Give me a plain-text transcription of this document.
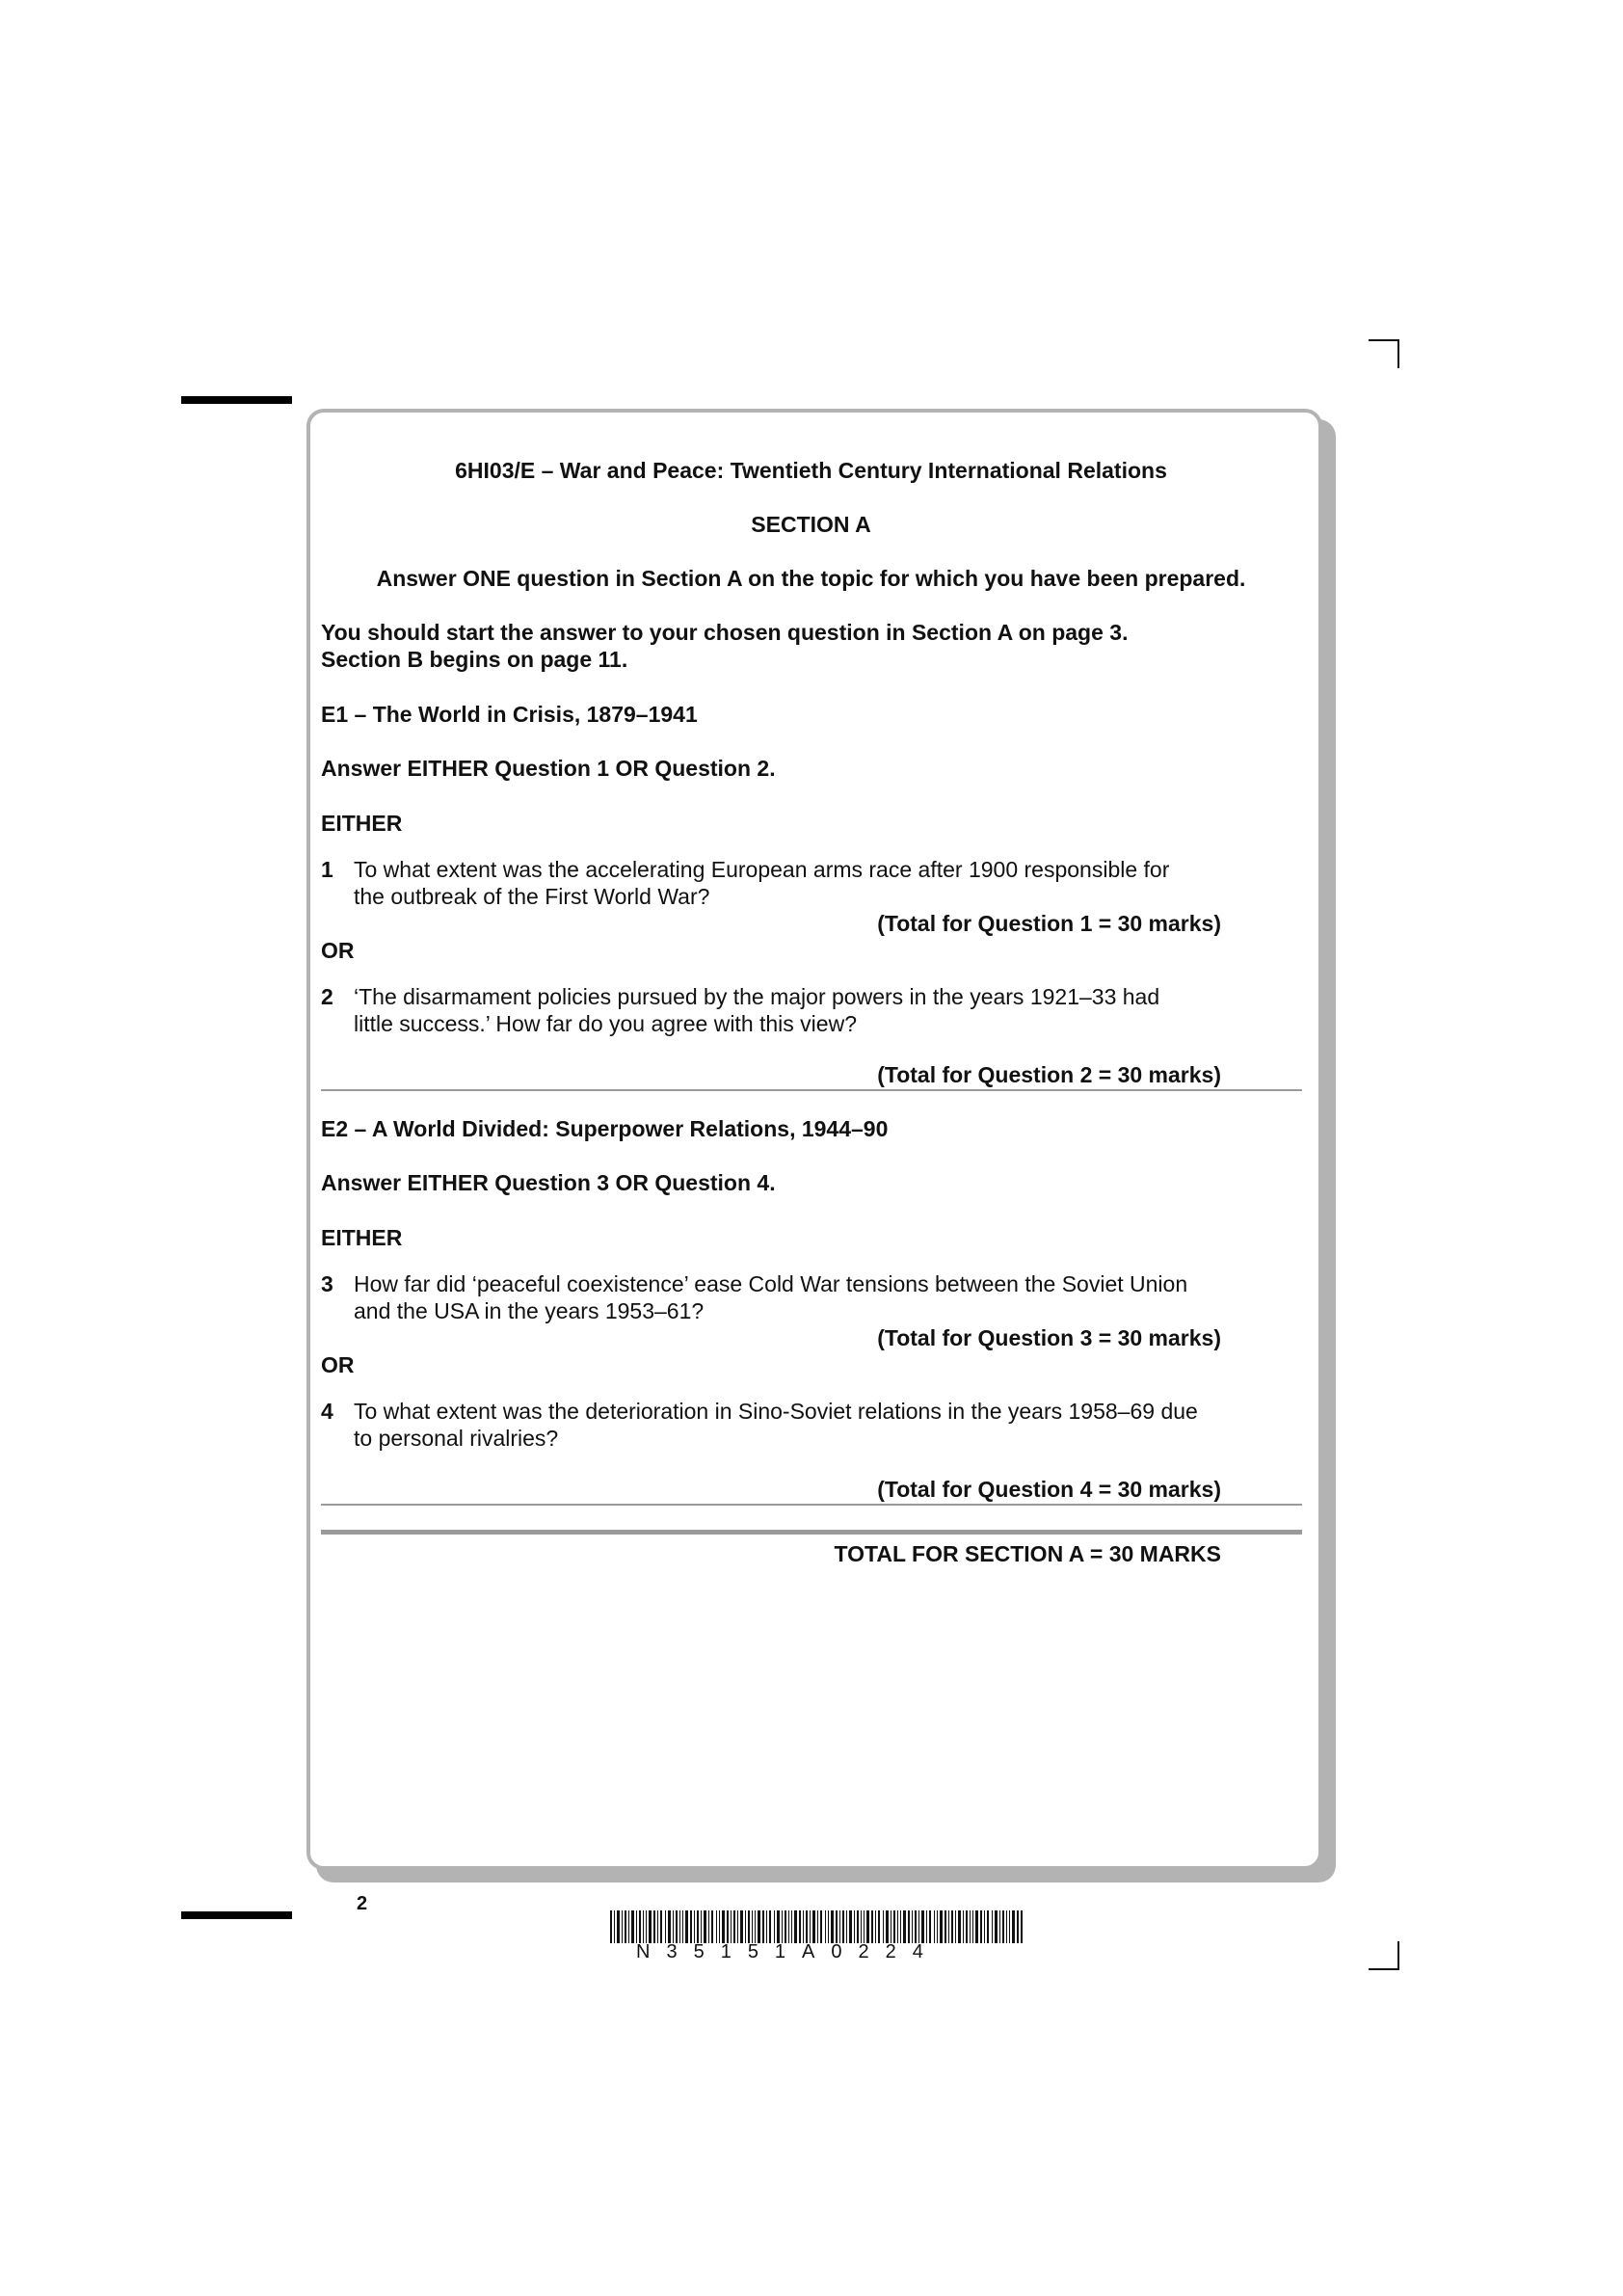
6HI03/E – War and Peace: Twentieth Century International Relations
SECTION A
Answer ONE question in Section A on the topic for which you have been prepared.
You should start the answer to your chosen question in Section A on page 3.
Section B begins on page 11.
E1 – The World in Crisis, 1879–1941
Answer EITHER Question 1 OR Question 2.
EITHER
1 To what extent was the accelerating European arms race after 1900 responsible for
the outbreak of the First World War?
(Total for Question 1 = 30 marks)
OR
2 ‘The disarmament policies pursued by the major powers in the years 1921–33 had
little success.’ How far do you agree with this view?
(Total for Question 2 = 30 marks)
E2 – A World Divided: Superpower Relations, 1944–90
Answer EITHER Question 3 OR Question 4.
EITHER
3 How far did ‘peaceful coexistence’ ease Cold War tensions between the Soviet Union
and the USA in the years 1953–61?
(Total for Question 3 = 30 marks)
OR
4 To what extent was the deterioration in Sino-Soviet relations in the years 1958–69 due
to personal rivalries?
(Total for Question 4 = 30 marks)
TOTAL FOR SECTION A = 30 MARKS
2
N35151A0224
